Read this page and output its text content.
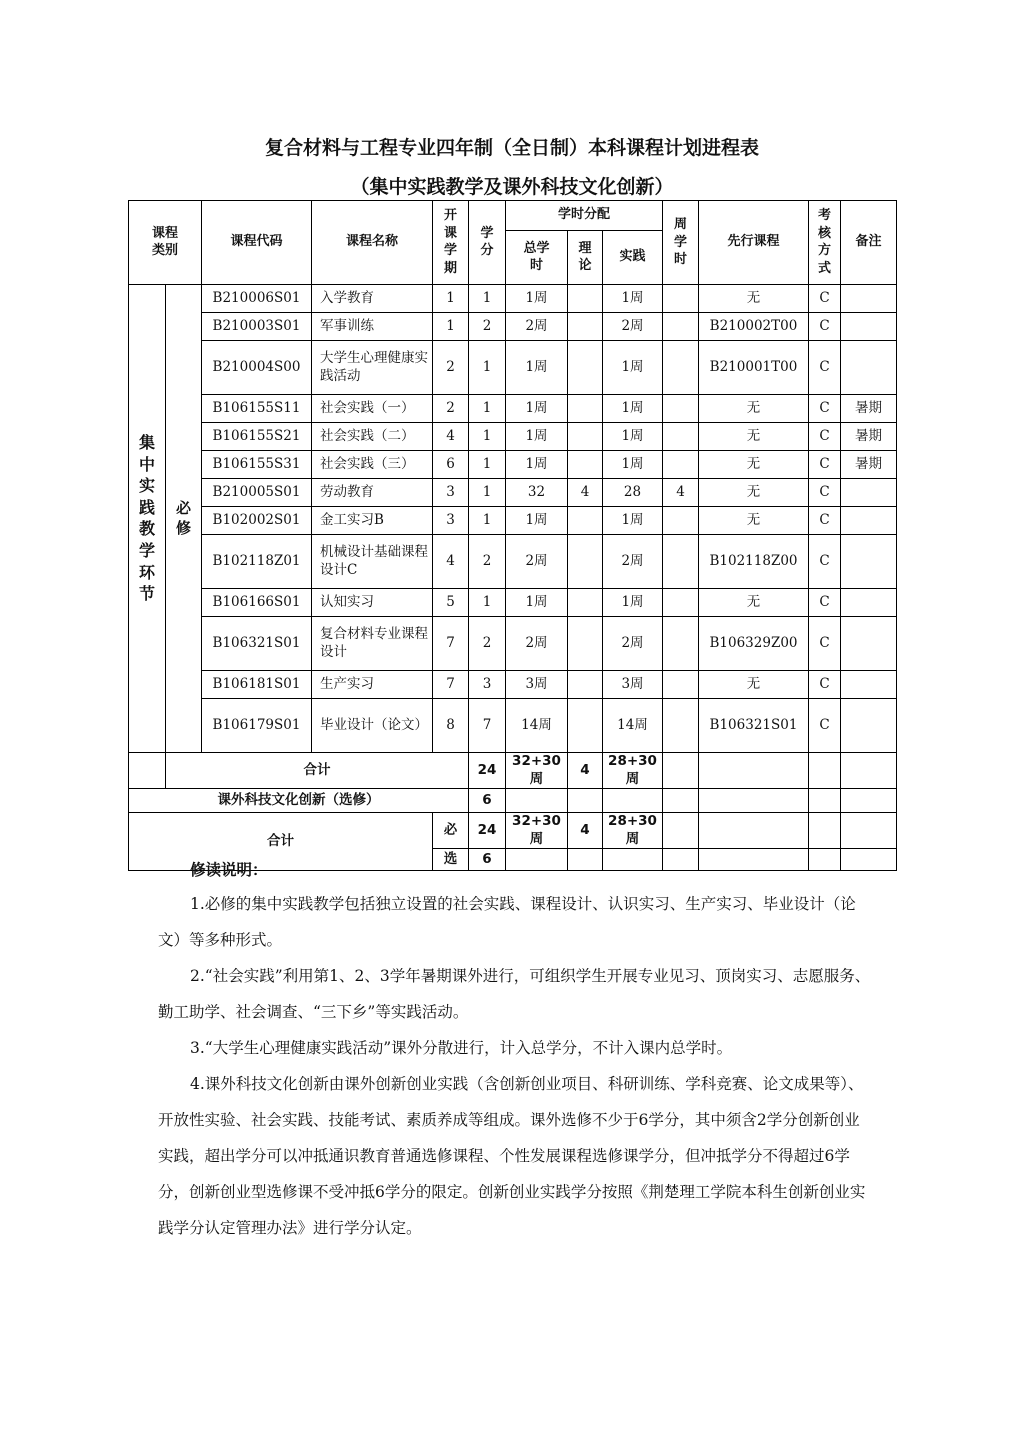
复合材料与工程专业四年制（全日制）本科课程计划进程表
（集中实践教学及课外科技文化创新）
课程类别		课程代码	课程名称	开课学期	学分	学时分配			周学时	先行课程	考核方式	备注
						总学时	理论	实践				
集中实践教学环节	必修	B210006S01	入学教育	1	1	1周		1周		无	C	
		B210003S01	军事训练	1	2	2周		2周		B210002T00	C	
		B210004S00	大学生心理健康实践活动	2	1	1周		1周		B210001T00	C	
		B106155S11	社会实践（一）	2	1	1周		1周		无	C	暑期
		B106155S21	社会实践（二）	4	1	1周		1周		无	C	暑期
		B106155S31	社会实践（三）	6	1	1周		1周		无	C	暑期
		B210005S01	劳动教育	3	1	32	4	28	4	无	C	
		B102002S01	金工实习B	3	1	1周		1周		无	C	
		B102118Z01	机械设计基础课程设计C	4	2	2周		2周		B102118Z00	C	
		B106166S01	认知实习	5	1	1周		1周		无	C	
		B106321S01	复合材料专业课程设计	7	2	2周		2周		B106329Z00	C	
		B106181S01	生产实习	7	3	3周		3周		无	C	
		B106179S01	毕业设计（论文）	8	7	14周		14周		B106321S01	C	
	合计				24	32+30周	4	28+30周				
课外科技文化创新（选修）					6							
合计				必	24	32+30周	4	28+30周				
				选	6							
修读说明：

1.必修的集中实践教学包括独立设置的社会实践、课程设计、认识实习、生产实习、毕业设计（论文）等多种形式。

2.“社会实践”利用第1、2、3学年暑期课外进行，可组织学生开展专业见习、顶岗实习、志愿服务、勤工助学、社会调查、“三下乡”等实践活动。

3.“大学生心理健康实践活动”课外分散进行，计入总学分，不计入课内总学时。

4.课外科技文化创新由课外创新创业实践（含创新创业项目、科研训练、学科竞赛、论文成果等）、开放性实验、社会实践、技能考试、素质养成等组成。课外选修不少于6学分，其中须含2学分创新创业实践，超出学分可以冲抵通识教育普通选修课程、个性发展课程选修课学分，但冲抵学分不得超过6学分，创新创业型选修课不受冲抵6学分的限定。创新创业实践学分按照《荆楚理工学院本科生创新创业实践学分认定管理办法》进行学分认定。
